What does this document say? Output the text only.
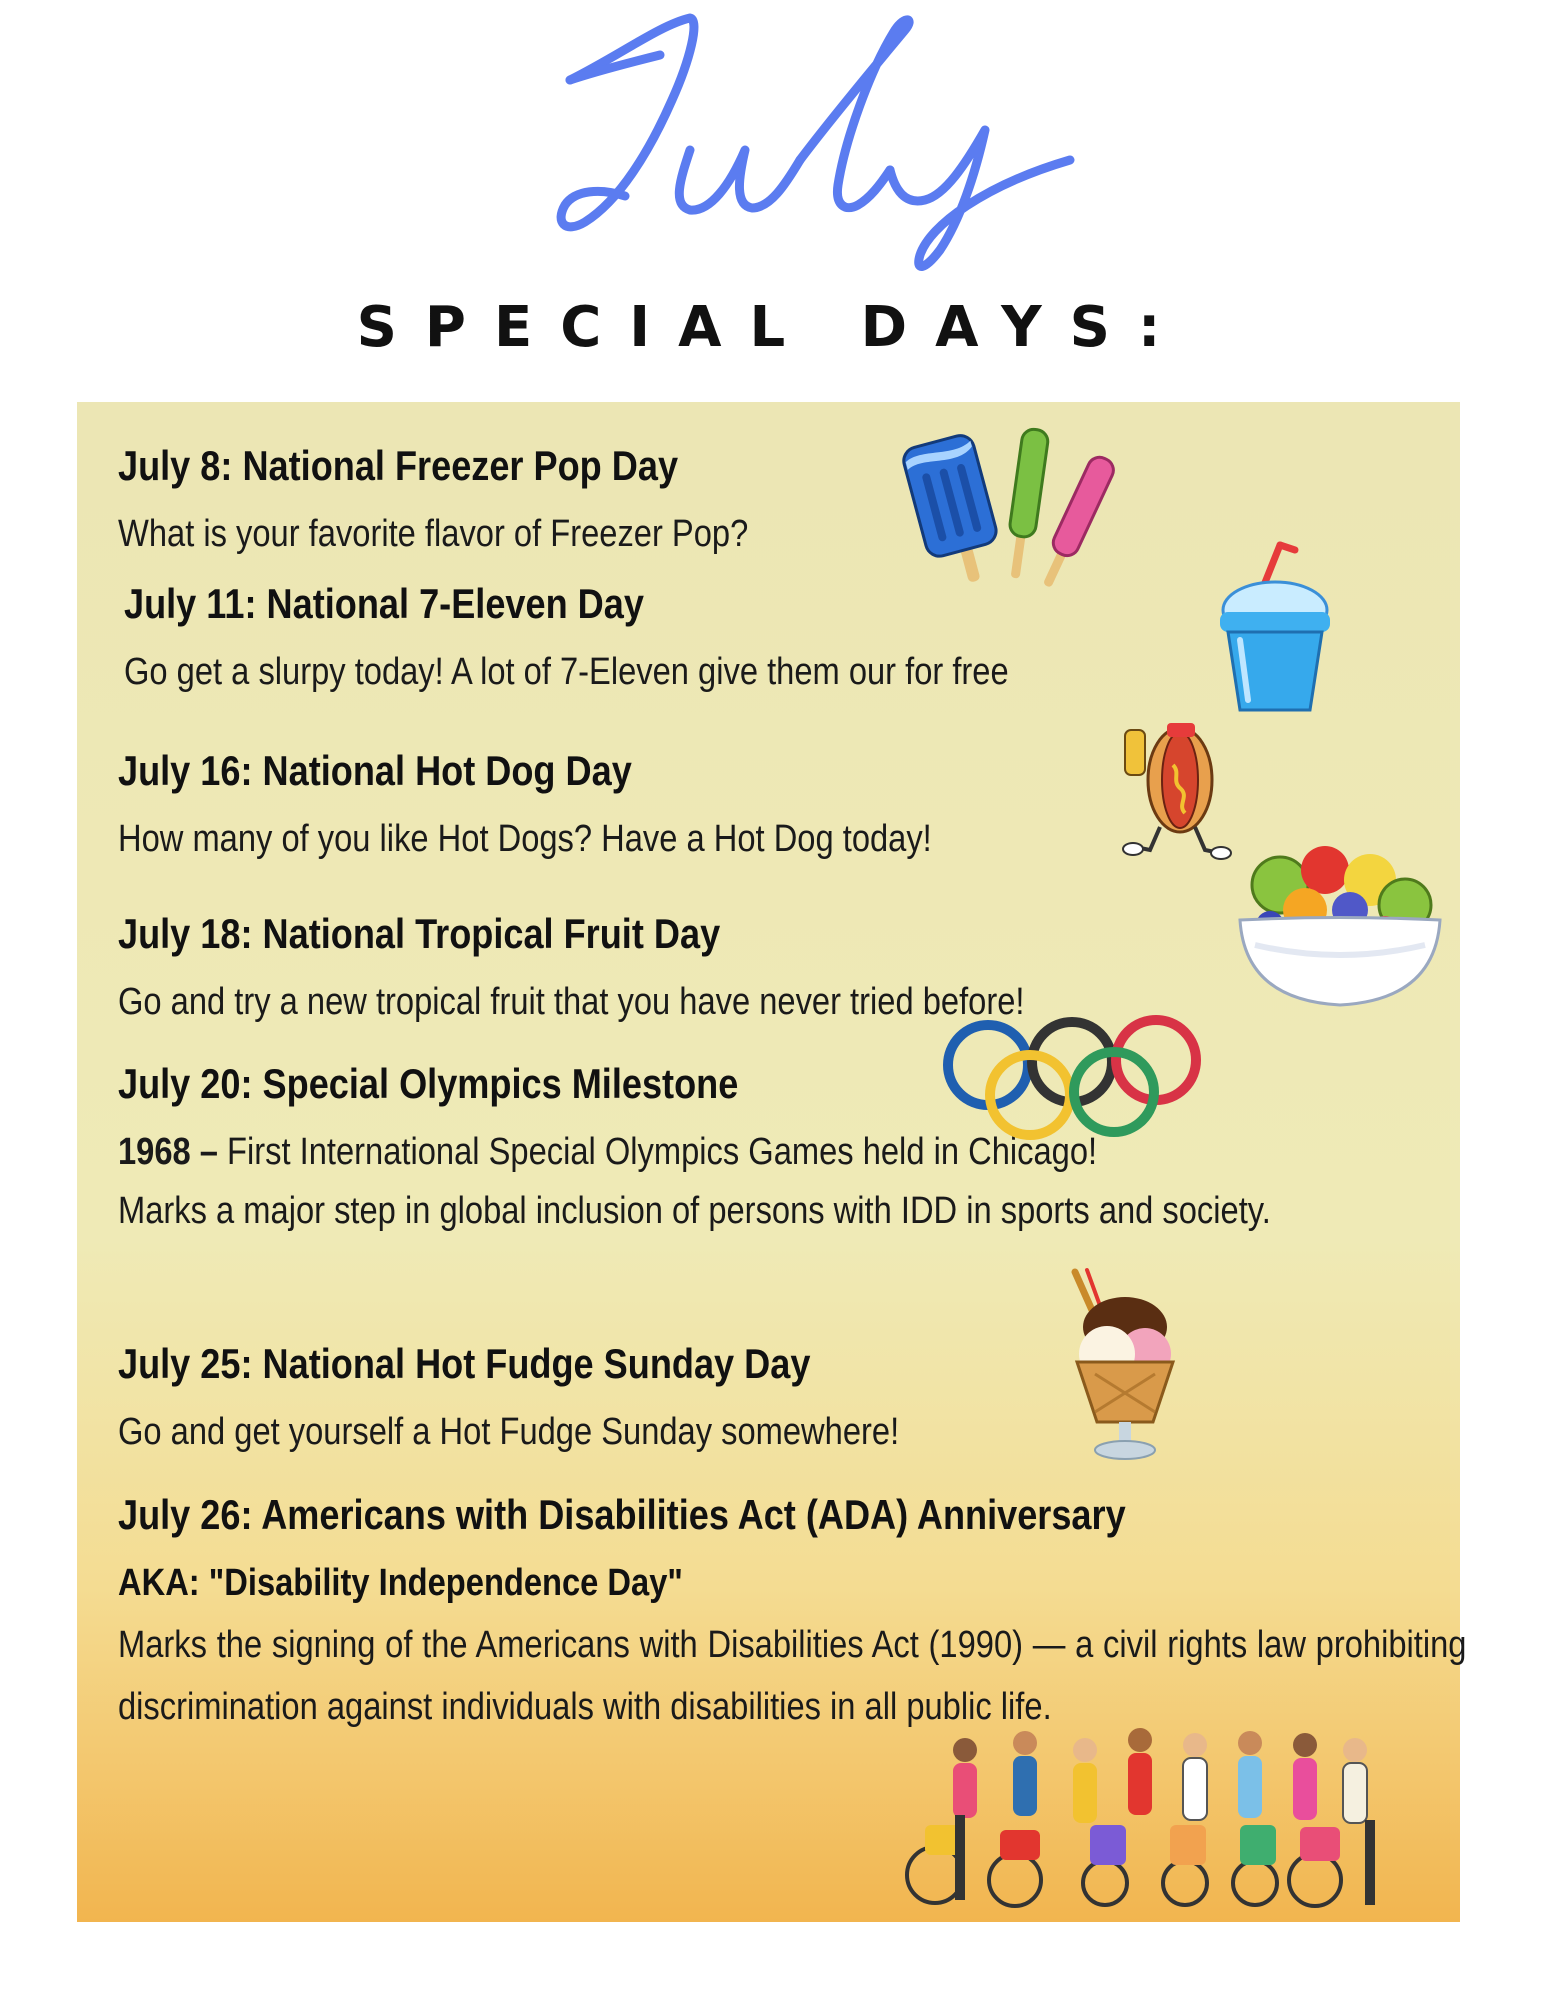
SPECIAL DAYS:
July 8: National Freezer Pop Day
What is your favorite flavor of Freezer Pop?
July 11: National 7-Eleven Day
Go get a slurpy today! A lot of 7-Eleven give them our for free
July 16: National Hot Dog Day
How many of you like Hot Dogs? Have a Hot Dog today!
July 18: National Tropical Fruit Day
Go and try a new tropical fruit that you have never tried before!
July 20: Special Olympics Milestone
1968 – First International Special Olympics Games held in Chicago!
Marks a major step in global inclusion of persons with IDD in sports and society.
July 25: National Hot Fudge Sunday Day
Go and get yourself a Hot Fudge Sunday somewhere!
July 26: Americans with Disabilities Act (ADA) Anniversary
AKA: "Disability Independence Day"
Marks the signing of the Americans with Disabilities Act (1990) — a civil rights law prohibiting discrimination against individuals with disabilities in all public life.
